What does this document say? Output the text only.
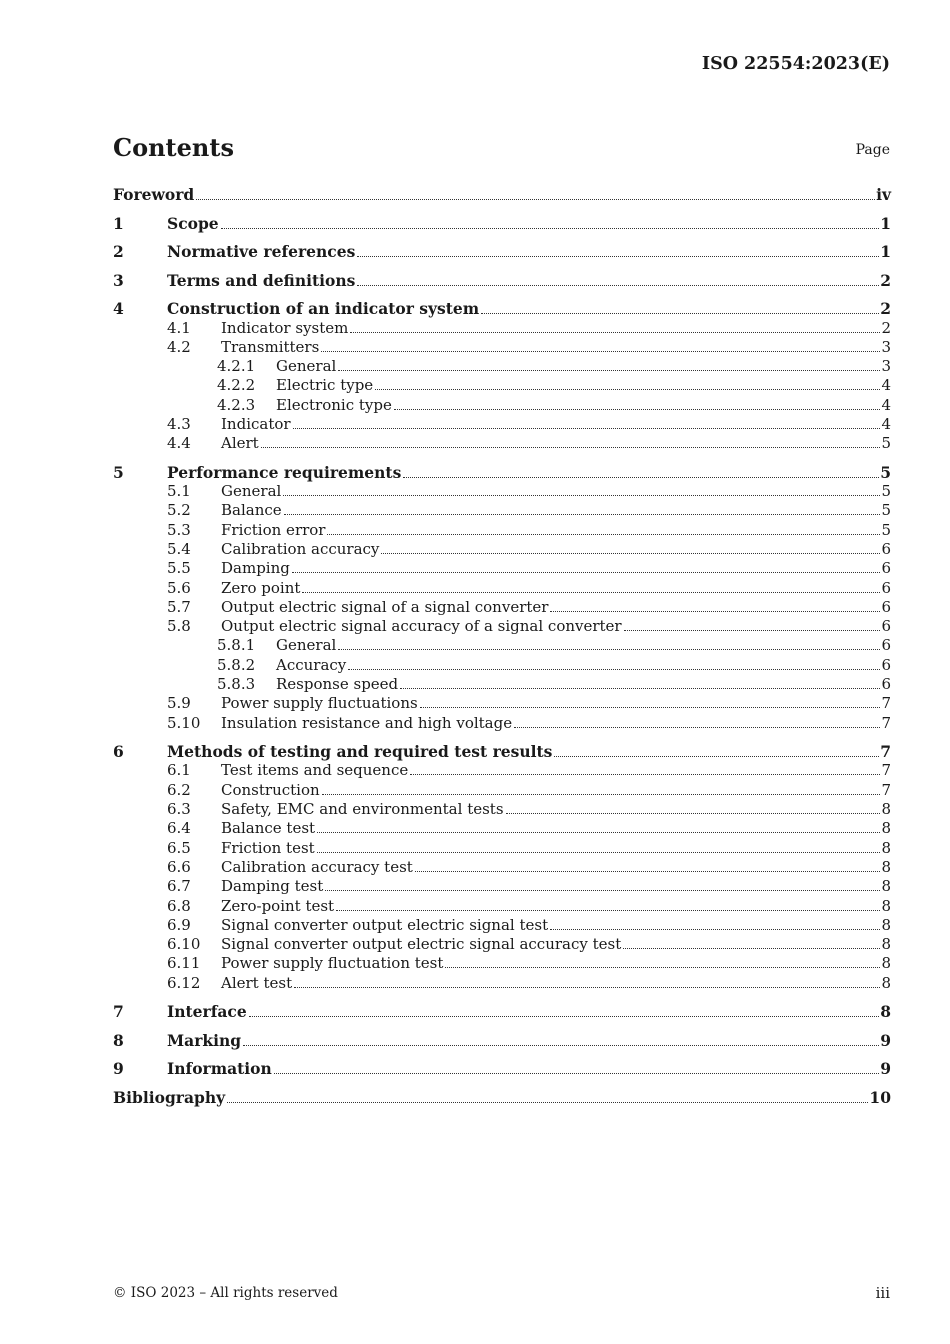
ISO 22554:2023(E)
Contents	Page
Foreword	iv
1	Scope	1
2	Normative references	1
3	Terms and definitions	2
4	Construction of an indicator system	2
4.1	Indicator system	2
4.2	Transmitters	3
4.2.1	General	3
4.2.2	Electric type	4
4.2.3	Electronic type	4
4.3	Indicator	4
4.4	Alert	5
5	Performance requirements	5
5.1	General	5
5.2	Balance	5
5.3	Friction error	5
5.4	Calibration accuracy	6
5.5	Damping	6
5.6	Zero point	6
5.7	Output electric signal of a signal converter	6
5.8	Output electric signal accuracy of a signal converter	6
5.8.1	General	6
5.8.2	Accuracy	6
5.8.3	Response speed	6
5.9	Power supply fluctuations	7
5.10	Insulation resistance and high voltage	7
6	Methods of testing and required test results	7
6.1	Test items and sequence	7
6.2	Construction	7
6.3	Safety, EMC and environmental tests	8
6.4	Balance test	8
6.5	Friction test	8
6.6	Calibration accuracy test	8
6.7	Damping test	8
6.8	Zero-point test	8
6.9	Signal converter output electric signal test	8
6.10	Signal converter output electric signal accuracy test	8
6.11	Power supply fluctuation test	8
6.12	Alert test	8
7	Interface	8
8	Marking	9
9	Information	9
Bibliography	10
© ISO 2023 – All rights reserved	iii
